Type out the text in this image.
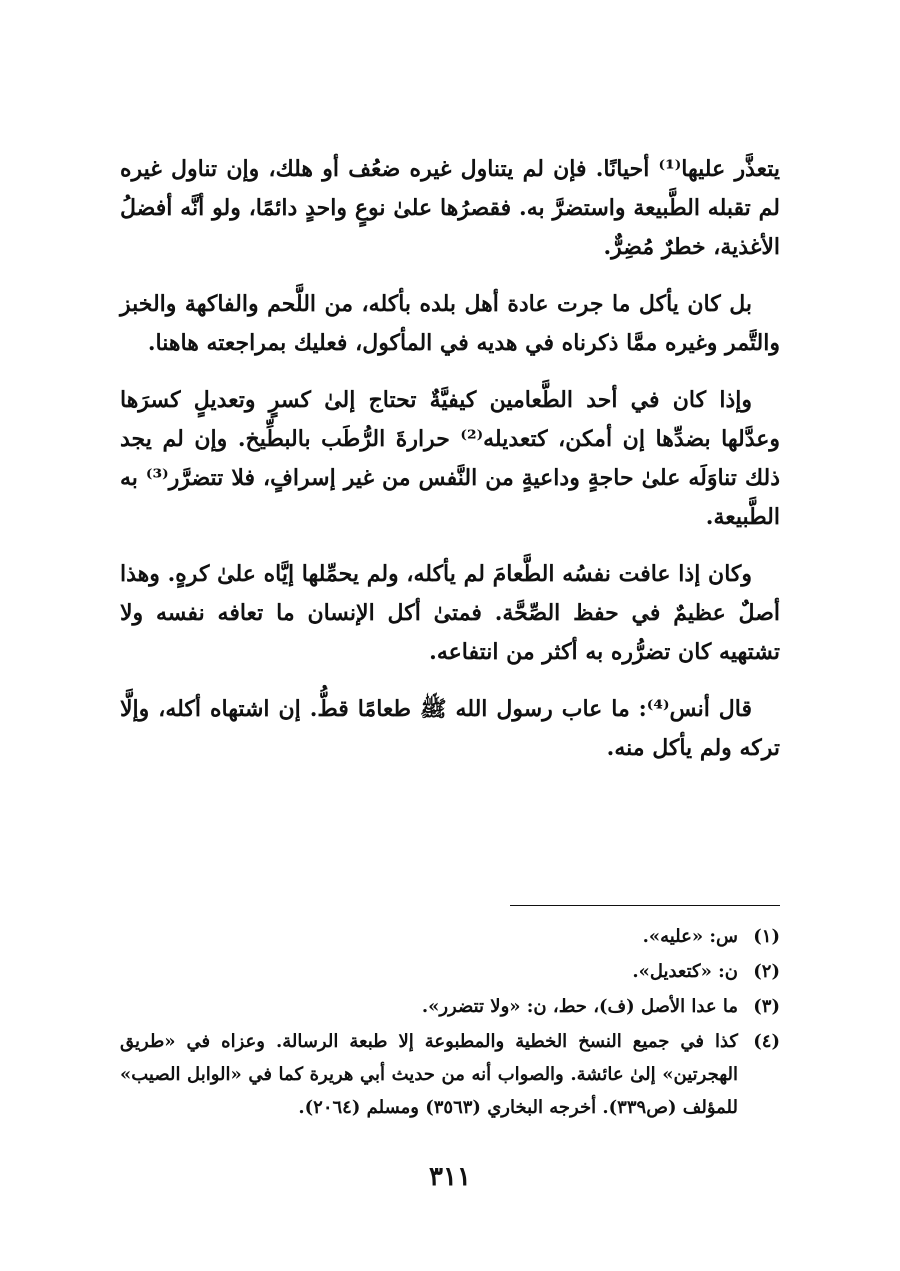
يتعذَّر عليها⁽¹⁾ أحيانًا. فإن لم يتناول غيره ضعُف أو هلك، وإن تناول غيره لم تقبله الطَّبيعة واستضرَّ به. فقصرُها علىٰ نوعٍ واحدٍ دائمًا، ولو أنَّه أفضلُ الأغذية، خطرٌ مُضِرٌّ.

بل كان يأكل ما جرت عادة أهل بلده بأكله، من اللَّحم والفاكهة والخبز والتَّمر وغيره ممَّا ذكرناه في هديه في المأكول، فعليك بمراجعته هاهنا.

وإذا كان في أحد الطَّعامين كيفيَّةٌ تحتاج إلىٰ كسرٍ وتعديلٍ كسرَها وعدَّلها بضدِّها إن أمكن، كتعديله⁽²⁾ حرارةَ الرُّطَب بالبطِّيخ. وإن لم يجد ذلك تناوَلَه علىٰ حاجةٍ وداعيةٍ من النَّفس من غير إسرافٍ، فلا تتضرَّر⁽³⁾ به الطَّبيعة.

وكان إذا عافت نفسُه الطَّعامَ لم يأكله، ولم يحمِّلها إيَّاه علىٰ كرهٍ. وهذا أصلٌ عظيمٌ في حفظ الصِّحَّة. فمتىٰ أكل الإنسان ما تعافه نفسه ولا تشتهيه كان تضرُّره به أكثر من انتفاعه.

قال أنس⁽⁴⁾: ما عاب رسول الله ﷺ طعامًا قطُّ. إن اشتهاه أكله، وإلَّا تركه ولم يأكل منه.

(١)
س: «عليه».
(٢)
ن: «كتعديل».
(٣)
ما عدا الأصل (ف)، حط، ن: «ولا تتضرر».
(٤)
كذا في جميع النسخ الخطية والمطبوعة إلا طبعة الرسالة. وعزاه في «طريق الهجرتين» إلىٰ عائشة. والصواب أنه من حديث أبي هريرة كما في «الوابل الصيب» للمؤلف (ص٣٣٩). أخرجه البخاري (٣٥٦٣) ومسلم (٢٠٦٤).
٣١١
